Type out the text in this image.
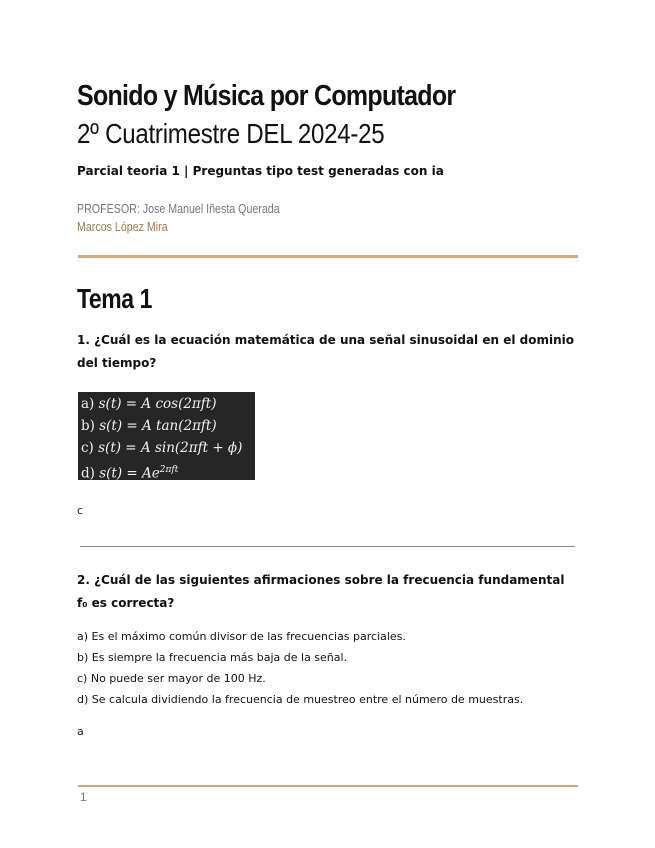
Sonido y Música por Computador
2º Cuatrimestre DEL 2024-25

Parcial teoria 1 | Preguntas tipo test generadas con ia

PROFESOR: Jose Manuel Iñesta Querada
Marcos López Mira
Tema 1

1. ¿Cuál es la ecuación matemática de una señal sinusoidal en el dominio del tiempo?

a) s(t) = A cos(2πft)
b) s(t) = A tan(2πft)
c) s(t) = A sin(2πft + ϕ)
d) $s(t) = Ae^{2\pi ft}$

c

2. ¿Cuál de las siguientes afirmaciones sobre la frecuencia fundamental f₀ es correcta?

a) Es el máximo común divisor de las frecuencias parciales.
b) Es siempre la frecuencia más baja de la señal.
c) No puede ser mayor de 100 Hz.
d) Se calcula dividiendo la frecuencia de muestreo entre el número de muestras.

a

1
